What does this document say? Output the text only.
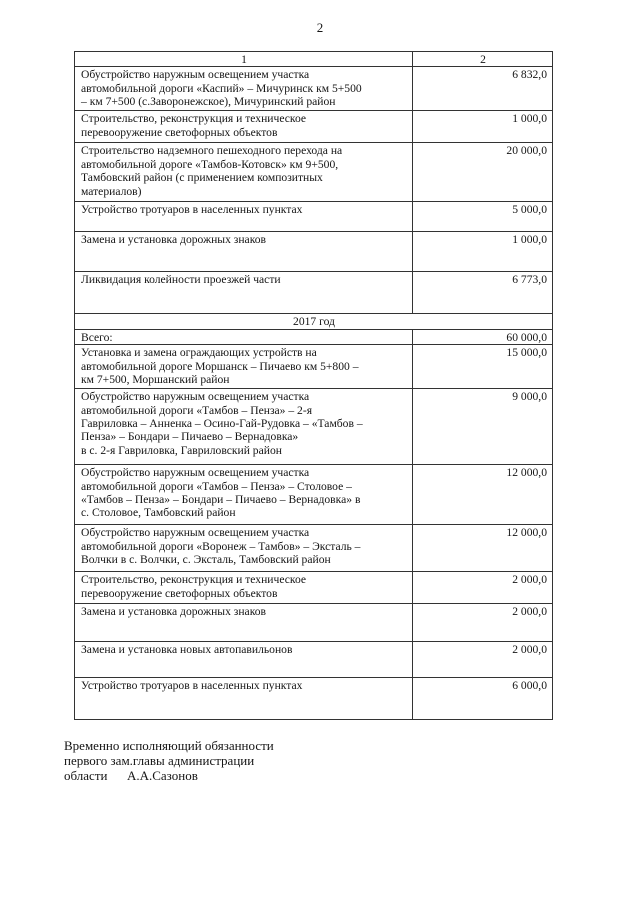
2
1	2

Обустройство наружным освещением участка
автомобильной дороги «Каспий» – Мичуринск км 5+500
– км 7+500 (с.Заворонежское), Мичуринский район	6 832,0

Строительство, реконструкция и техническое
перевооружение светофорных объектов	1 000,0

Строительство надземного пешеходного перехода на
автомобильной дороге «Тамбов-Котовск» км 9+500,
Тамбовский район (с применением композитных
материалов)	20 000,0

Устройство тротуаров в населенных пунктах	5 000,0

Замена и установка дорожных знаков	1 000,0

Ликвидация колейности проезжей части	6 773,0
2017 год	
Всего:	60 000,0

Установка и замена ограждающих устройств на
автомобильной дороге Моршанск – Пичаево км 5+800 –
км 7+500, Моршанский район	15 000,0

Обустройство наружным освещением участка
автомобильной дороги «Тамбов – Пенза» – 2-я
Гавриловка – Анненка – Осино-Гай-Рудовка – «Тамбов –
Пенза» – Бондари – Пичаево – Вернадовка»
в с. 2-я Гавриловка, Гавриловский район	9 000,0

Обустройство наружным освещением участка
автомобильной дороги «Тамбов – Пенза» – Столовое –
«Тамбов – Пенза» – Бондари – Пичаево – Вернадовка» в
с. Столовое, Тамбовский район	12 000,0

Обустройство наружным освещением участка
автомобильной дороги «Воронеж – Тамбов» – Эксталь –
Волчки в с. Волчки, с. Эксталь, Тамбовский район	12 000,0

Строительство, реконструкция и техническое
перевооружение светофорных объектов	2 000,0

Замена и установка дорожных знаков	2 000,0

Замена и установка новых автопавильонов	2 000,0

Устройство тротуаров в населенных пунктах	6 000,0
Временно исполняющий обязанности
первого зам.главы администрации
области А.А.Сазонов
